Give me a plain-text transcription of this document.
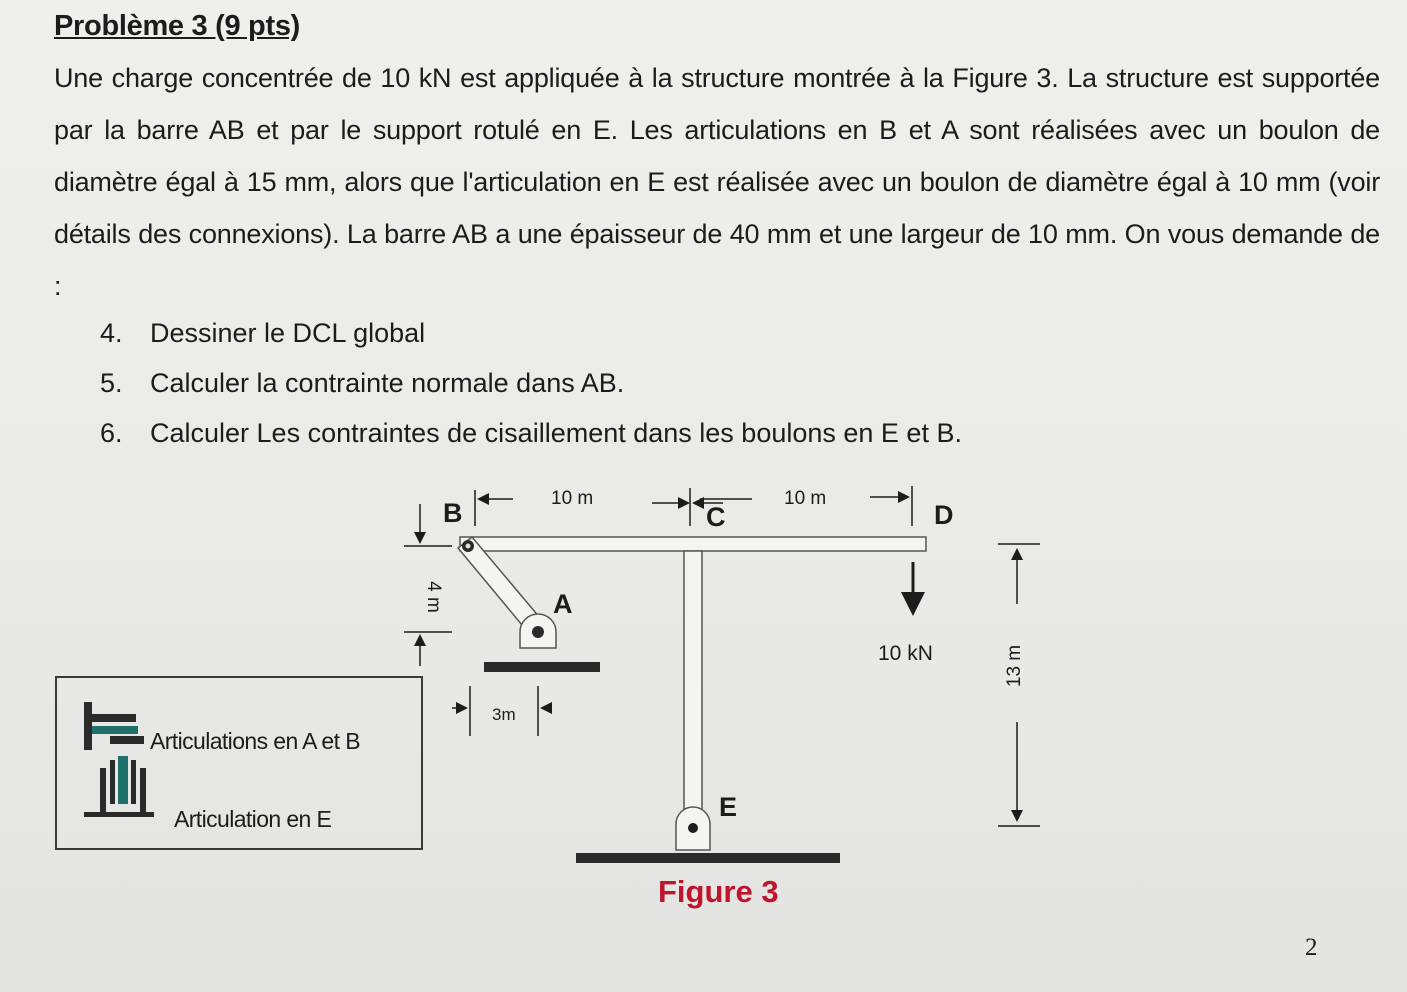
Problème 3 (9 pts)
Une charge concentrée de 10 kN est appliquée à la structure montrée à la Figure 3. La structure est supportée par la barre AB et par le support rotulé en E. Les articulations en B et A sont réalisées avec un boulon de diamètre égal à 15 mm, alors que l'articulation en E est réalisée avec un boulon de diamètre égal à 10 mm (voir détails des connexions). La barre AB a une épaisseur de 40 mm et une largeur de 10 mm. On vous demande de :
4.	Dessiner le DCL global
5.	Calculer la contrainte normale dans AB.
6.	Calculer Les contraintes de cisaillement dans les boulons en E et B.
B	C	D
A
E
10 m	10 m
4 m
3m
10 kN	13 m
Articulations en A et B
Articulation en E
Figure 3
2
